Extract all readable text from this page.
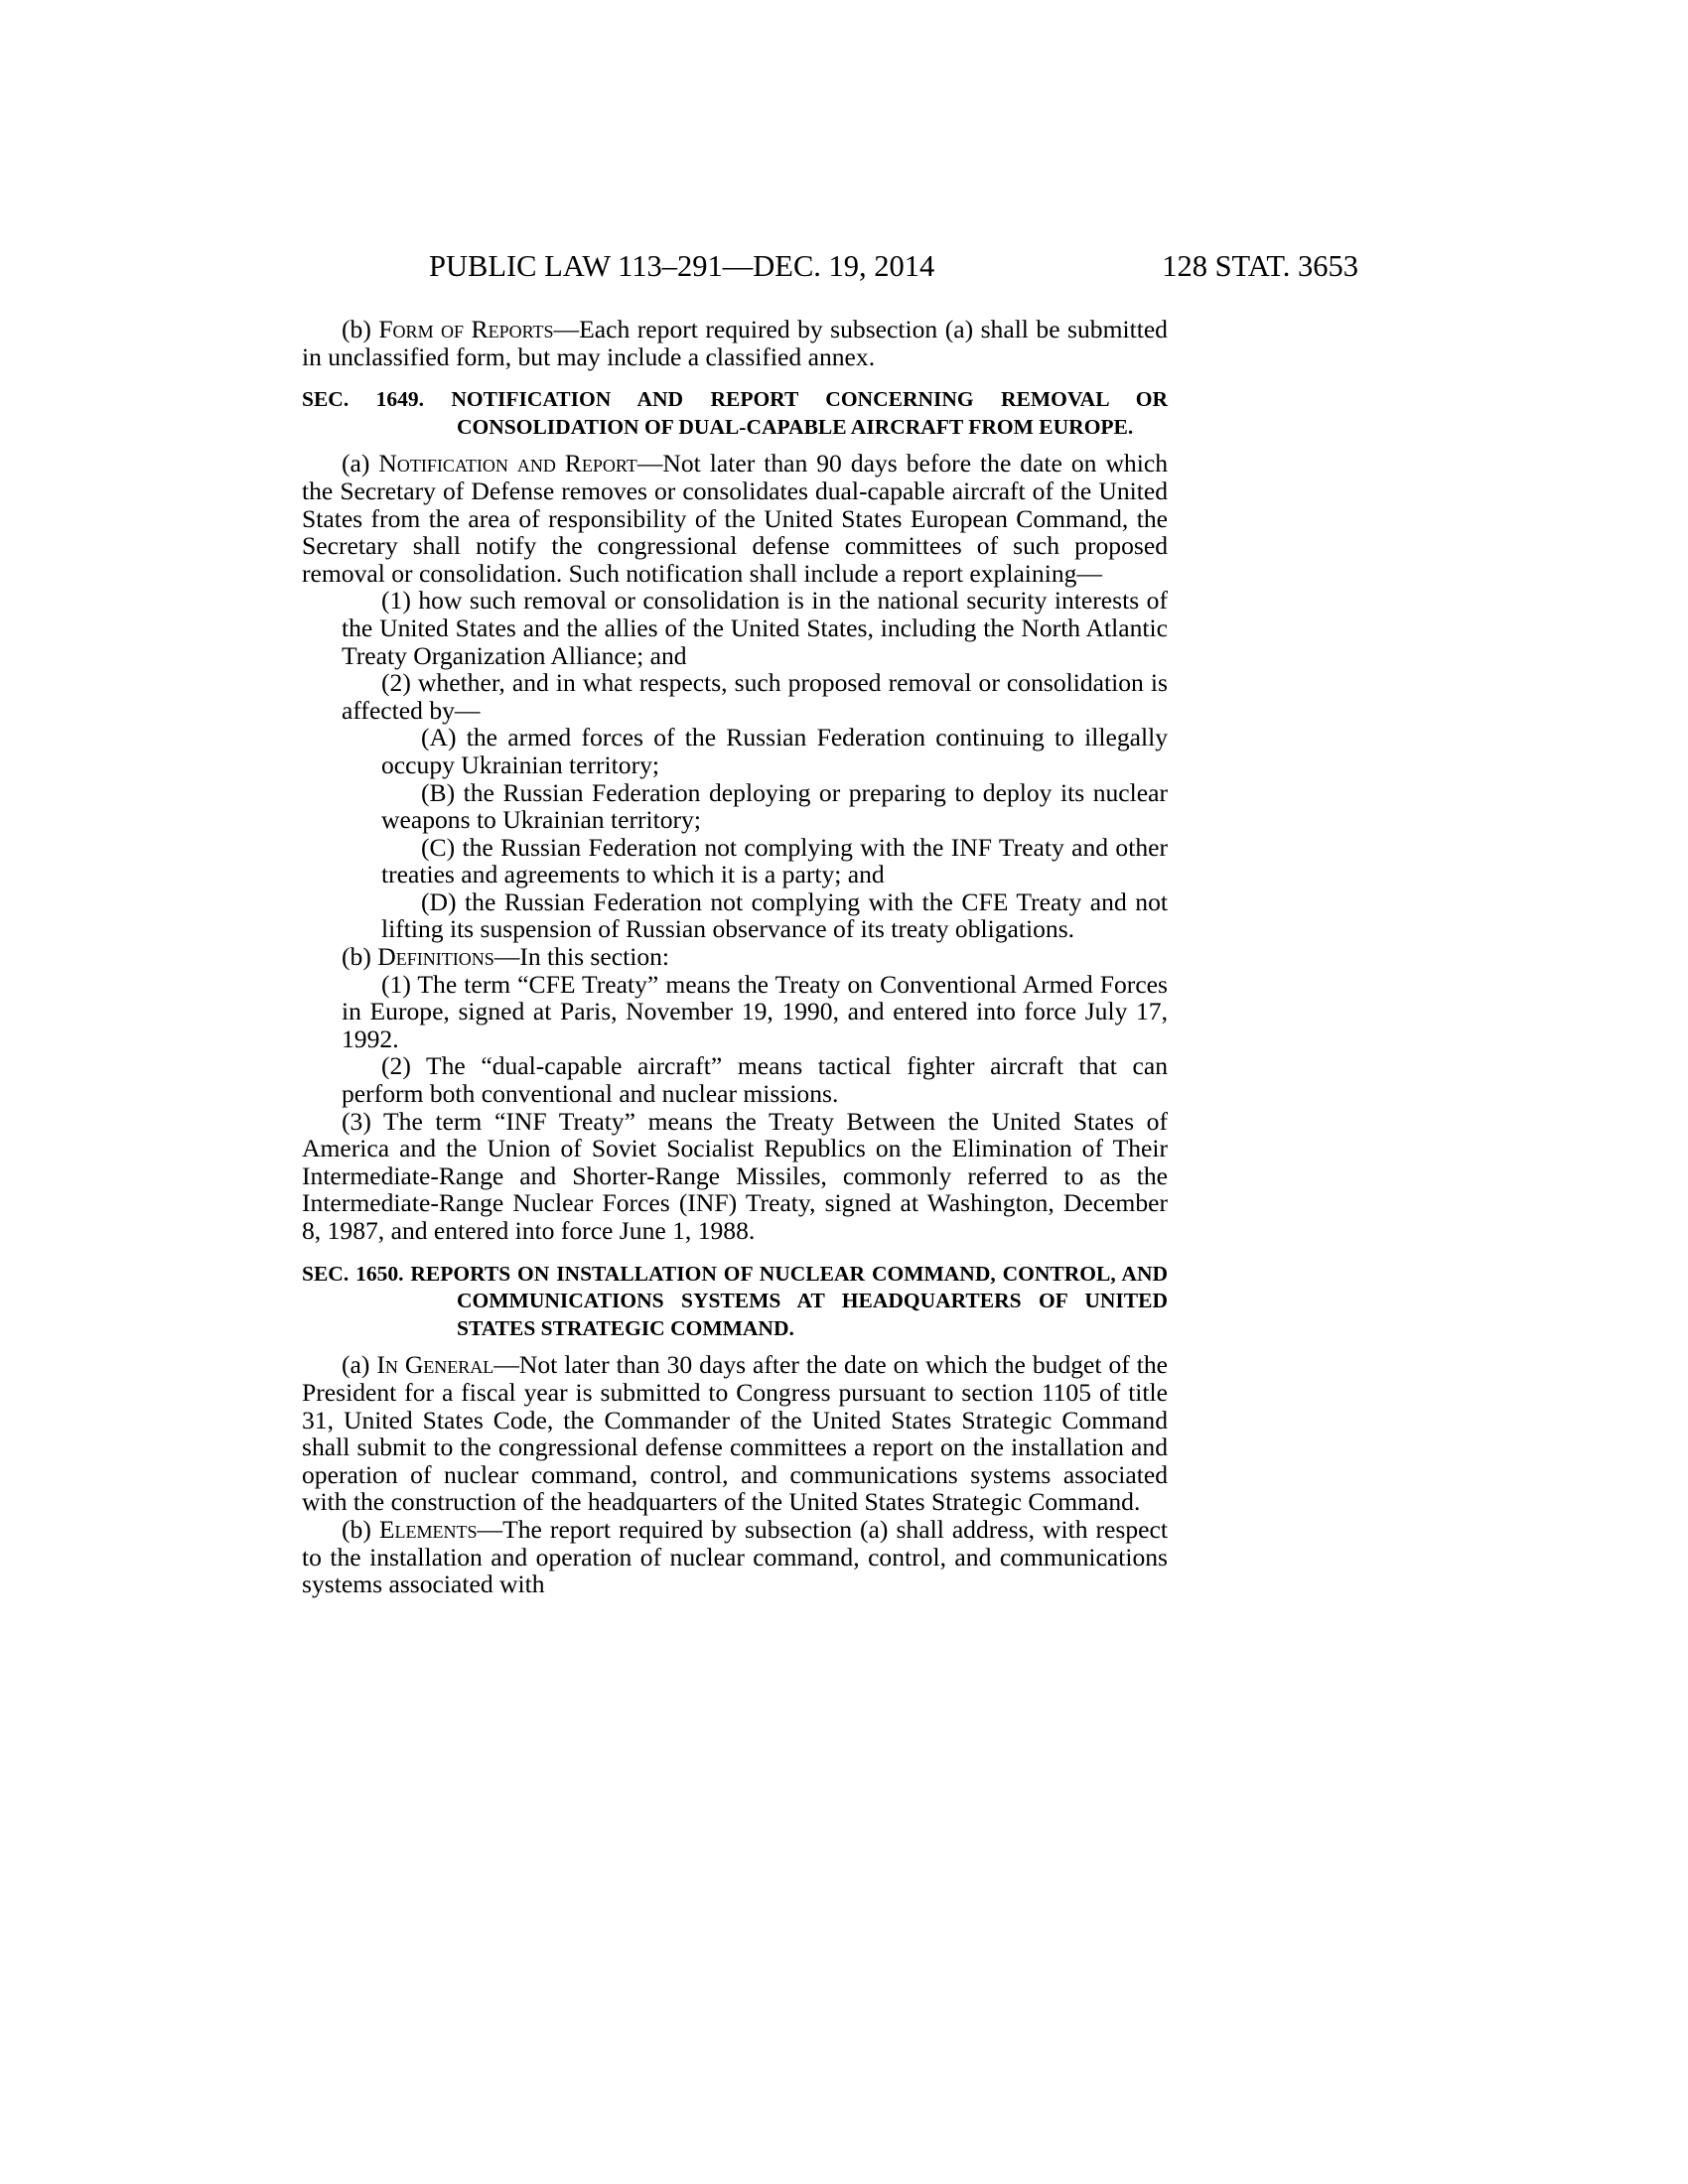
PUBLIC LAW 113–291—DEC. 19, 2014	128 STAT. 3653

(b) Form of Reports—Each report required by subsection (a) shall be submitted in unclassified form, but may include a classified annex.

SEC. 1649. NOTIFICATION AND REPORT CONCERNING REMOVAL OR CONSOLIDATION OF DUAL-CAPABLE AIRCRAFT FROM EUROPE.

(a) Notification and Report—Not later than 90 days before the date on which the Secretary of Defense removes or consolidates dual-capable aircraft of the United States from the area of responsibility of the United States European Command, the Secretary shall notify the congressional defense committees of such proposed removal or consolidation. Such notification shall include a report explaining—

(1) how such removal or consolidation is in the national security interests of the United States and the allies of the United States, including the North Atlantic Treaty Organization Alliance; and

(2) whether, and in what respects, such proposed removal or consolidation is affected by—

(A) the armed forces of the Russian Federation continuing to illegally occupy Ukrainian territory;

(B) the Russian Federation deploying or preparing to deploy its nuclear weapons to Ukrainian territory;

(C) the Russian Federation not complying with the INF Treaty and other treaties and agreements to which it is a party; and

(D) the Russian Federation not complying with the CFE Treaty and not lifting its suspension of Russian observance of its treaty obligations.

(b) Definitions—In this section:

(1) The term “CFE Treaty” means the Treaty on Conventional Armed Forces in Europe, signed at Paris, November 19, 1990, and entered into force July 17, 1992.

(2) The “dual-capable aircraft” means tactical fighter aircraft that can perform both conventional and nuclear missions.

(3) The term “INF Treaty” means the Treaty Between the United States of America and the Union of Soviet Socialist Republics on the Elimination of Their Intermediate-Range and Shorter-Range Missiles, commonly referred to as the Intermediate-Range Nuclear Forces (INF) Treaty, signed at Washington, December 8, 1987, and entered into force June 1, 1988.

SEC. 1650. REPORTS ON INSTALLATION OF NUCLEAR COMMAND, CONTROL, AND COMMUNICATIONS SYSTEMS AT HEADQUARTERS OF UNITED STATES STRATEGIC COMMAND.

(a) In General—Not later than 30 days after the date on which the budget of the President for a fiscal year is submitted to Congress pursuant to section 1105 of title 31, United States Code, the Commander of the United States Strategic Command shall submit to the congressional defense committees a report on the installation and operation of nuclear command, control, and communications systems associated with the construction of the headquarters of the United States Strategic Command.

(b) Elements—The report required by subsection (a) shall address, with respect to the installation and operation of nuclear command, control, and communications systems associated with
